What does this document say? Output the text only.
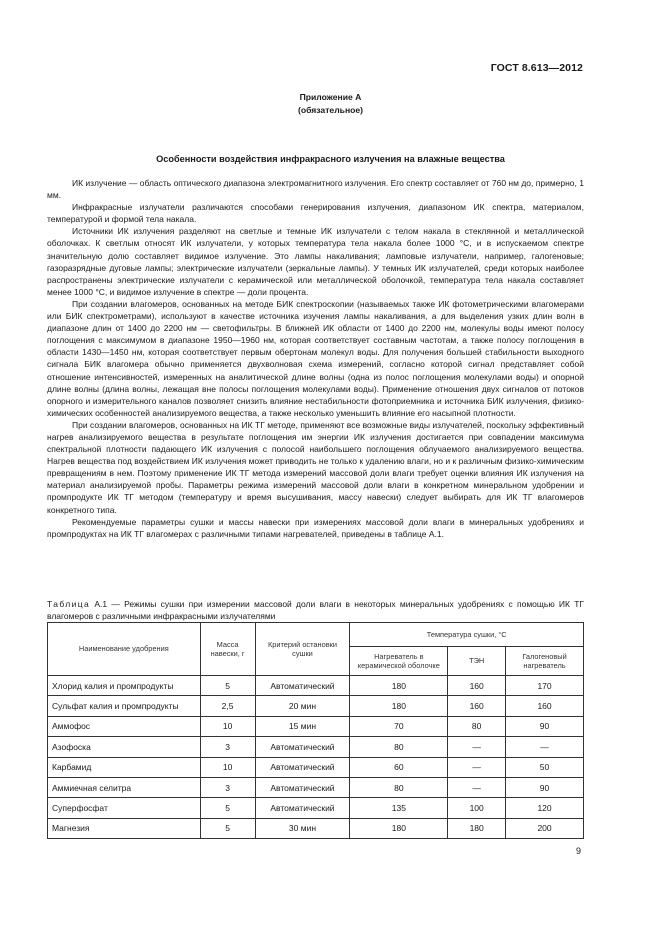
ГОСТ 8.613—2012
Приложение А
(обязательное)
Особенности воздействия инфракрасного излучения на влажные вещества

ИК излучение — область оптического диапазона электромагнитного излучения. Его спектр составляет от 760 нм до, примерно, 1 мм.

Инфракрасные излучатели различаются способами генерирования излучения, диапазоном ИК спектра, материалом, температурой и формой тела накала.

Источники ИК излучения разделяют на светлые и темные ИК излучатели с телом накала в стеклянной и металлической оболочках. К светлым относят ИК излучатели, у которых температура тела накала более 1000 °С, и в испускаемом спектре значительную долю составляет видимое излучение. Это лампы накаливания; ламповые излучатели, например, галогеновые; газоразрядные дуговые лампы; электрические излучатели (зеркальные лампы). У темных ИК излучателей, среди которых наиболее распространены электрические излучатели с керамической или металлической оболочкой, температура тела накала составляет менее 1000 °С, и видимое излучение в спектре — доли процента.

При создании влагомеров, основанных на методе БИК спектроскопии (называемых также ИК фотометрическими влагомерами или БИК спектрометрами), используют в качестве источника изучения лампы накаливания, а для выделения узких длин волн в диапазоне длин от 1400 до 2200 нм — светофильтры. В ближней ИК области от 1400 до 2200 нм, молекулы воды имеют полосу поглощения с максимумом в диапазоне 1950—1960 нм, которая соответствует составным частотам, а также полосу поглощения в области 1430—1450 нм, которая соответствует первым обертонам молекул воды. Для получения большей стабильности выходного сигнала БИК влагомера обычно применяется двухволновая схема измерений, согласно которой сигнал представляет собой отношение интенсивностей, измеренных на аналитической длине волны (одна из полос поглощения молекулами воды) и опорной длине волны (длина волны, лежащая вне полосы поглощения молекулами воды). Применение отношения двух сигналов от потоков опорного и измерительного каналов позволяет снизить влияние нестабильности фотоприемника и источника БИК излучения, физико-химических особенностей анализируемого вещества, а также несколько уменьшить влияние его насыпной плотности.

При создании влагомеров, основанных на ИК ТГ методе, применяют все возможные виды излучателей, поскольку эффективный нагрев анализируемого вещества в результате поглощения им энергии ИК излучения достигается при совпадении максимума спектральной плотности падающего ИК излучения с полосой наибольшего поглощения облучаемого анализируемого вещества. Нагрев вещества под воздействием ИК излучения может приводить не только к удалению влаги, но и к различным физико-химическим превращениям в нем. Поэтому применение ИК ТГ метода измерений массовой доли влаги требует оценки влияния ИК излучения на материал анализируемой пробы. Параметры режима измерений массовой доли влаги в конкретном минеральном удобрении и промпродукте ИК ТГ методом (температуру и время высушивания, массу навески) следует выбирать для ИК ТГ влагомеров конкретного типа.

Рекомендуемые параметры сушки и массы навески при измерениях массовой доли влаги в минеральных удобрениях и промпродуктах на ИК ТГ влагомерах с различными типами нагревателей, приведены в таблице А.1.

Таблица А.1 — Режимы сушки при измерении массовой доли влаги в некоторых минеральных удобрениях с помощью ИК ТГ влагомеров с различными инфракрасными излучателями
Наименование удобрения	Масса навески, г	Критерий остановки сушки	Температура сушки, °С		
			Нагреватель в керамической оболочке	ТЭН	Галогеновый нагреватель
Хлорид калия и промпродукты	5	Автоматический	180	160	170
Сульфат калия и промпродукты	2,5	20 мин	180	160	160
Аммофос	10	15 мин	70	80	90
Азофоска	3	Автоматический	80	—	—
Карбамид	10	Автоматический	60	—	50
Аммиечная селитра	3	Автоматический	80	—	90
Суперфосфат	5	Автоматический	135	100	120
Магнезия	5	30 мин	180	180	200
9
